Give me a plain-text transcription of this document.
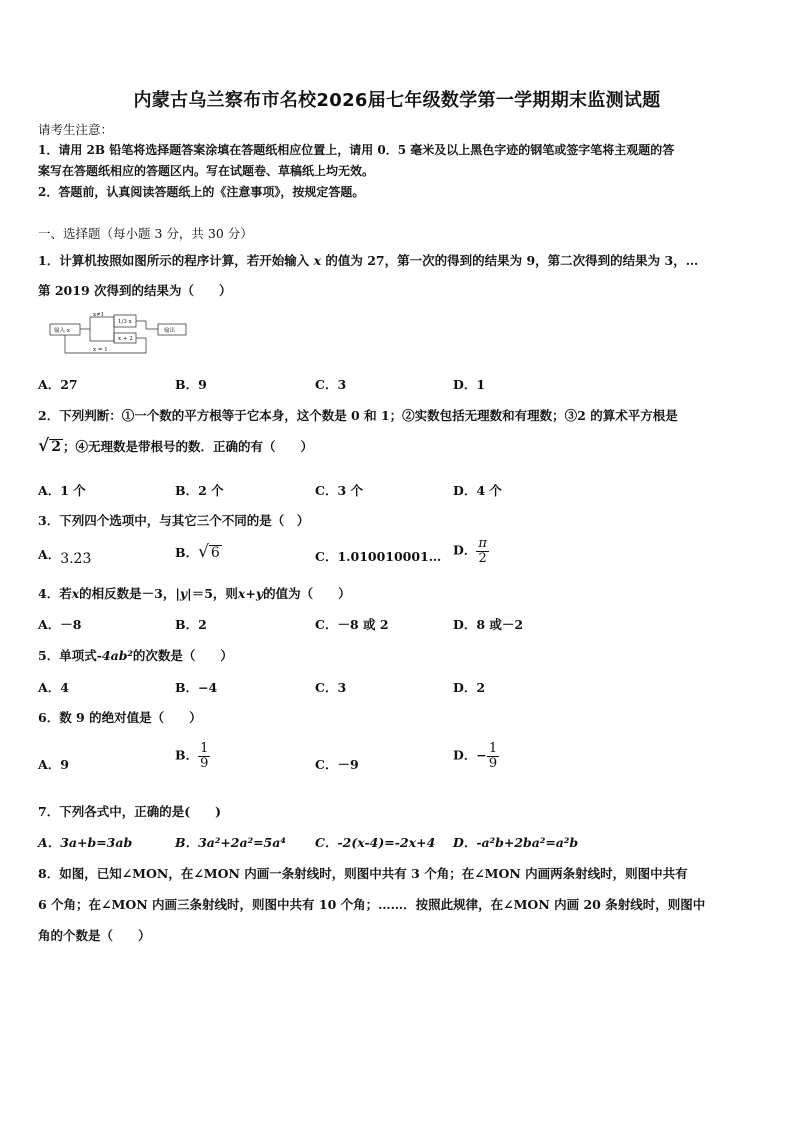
内蒙古乌兰察布市名校2026届七年级数学第一学期期末监测试题
请考生注意：
1．请用 2B 铅笔将选择题答案涂填在答题纸相应位置上，请用 0．5 毫米及以上黑色字迹的钢笔或签字笔将主观题的答
案写在答题纸相应的答题区内。写在试题卷、草稿纸上均无效。
2．答题前，认真阅读答题纸上的《注意事项》，按规定答题。
一、选择题（每小题 3 分，共 30 分）
1．计算机按照如图所示的程序计算，若开始输入 x 的值为 27，第一次的得到的结果为 9，第二次得到的结果为 3，…
第 2019 次得到的结果为（　　）
输入 x
1/3 x
x + 2
x≠1
x = 1
输出
A．27	B．9	C．3	D．1
2．下列判断：①一个数的平方根等于它本身，这个数是 0 和 1；②实数包括无理数和有理数；③2 的算术平方根是
√ 2 ；④无理数是带根号的数．正确的有（　　）
A．1 个	B．2 个	C．3 个	D．4 个
3．下列四个选项中，与其它三个不同的是（　）
A．3.2̇3̇	B． √ 6	C．1.010010001… D． $\frac{\pi}{2}$
4．若x的相反数是－3，|y|＝5，则x+y的值为（　　）
A．－8	B．2	C．－8 或 2	D．8 或－2
5．单项式-4ab²的次数是（　　）
A．4	B．−4	C．3	D．2
6．数 9 的绝对值是（　　）
A．9
B． $\frac{1}{9}$	C．－9
D．− $\frac{1}{9}$
7．下列各式中，正确的是(　　)
A．3a+b=3ab	B．3a²+2a²=5a⁴ C．-2(x-4)=-2x+4 D．-a²b+2ba²=a²b
8．如图，已知∠MON，在∠MON 内画一条射线时，则图中共有 3 个角；在∠MON 内画两条射线时，则图中共有
6 个角；在∠MON 内画三条射线时，则图中共有 10 个角；……．按照此规律，在∠MON 内画 20 条射线时，则图中
角的个数是（　　）
